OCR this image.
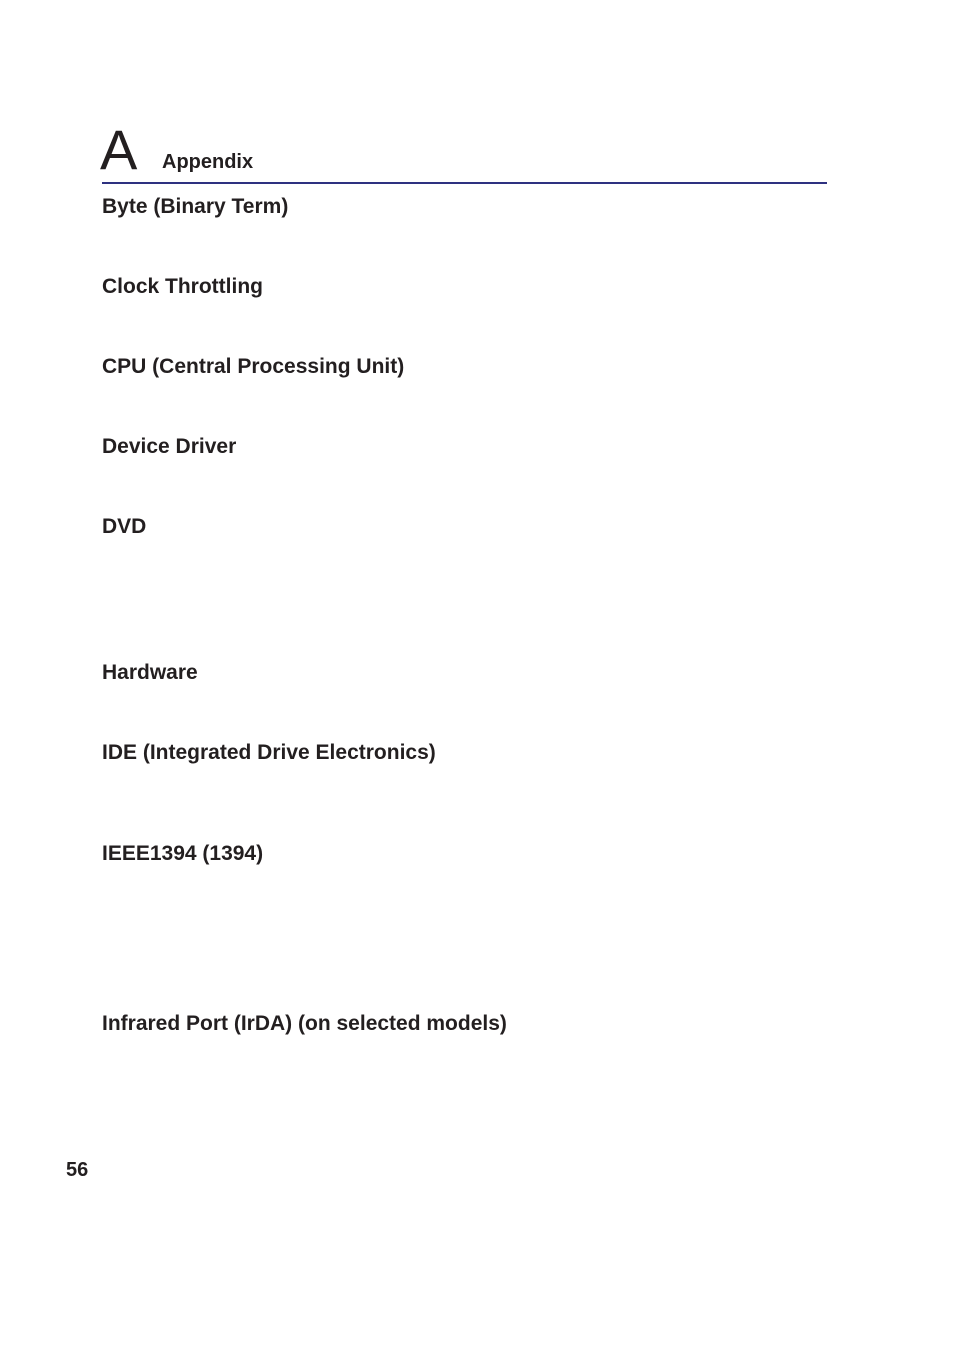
A Appendix
Byte (Binary Term)
Clock Throttling
CPU (Central Processing Unit)
Device Driver
DVD
Hardware
IDE (Integrated Drive Electronics)
IEEE1394 (1394)
Infrared Port (IrDA) (on selected models)
56
